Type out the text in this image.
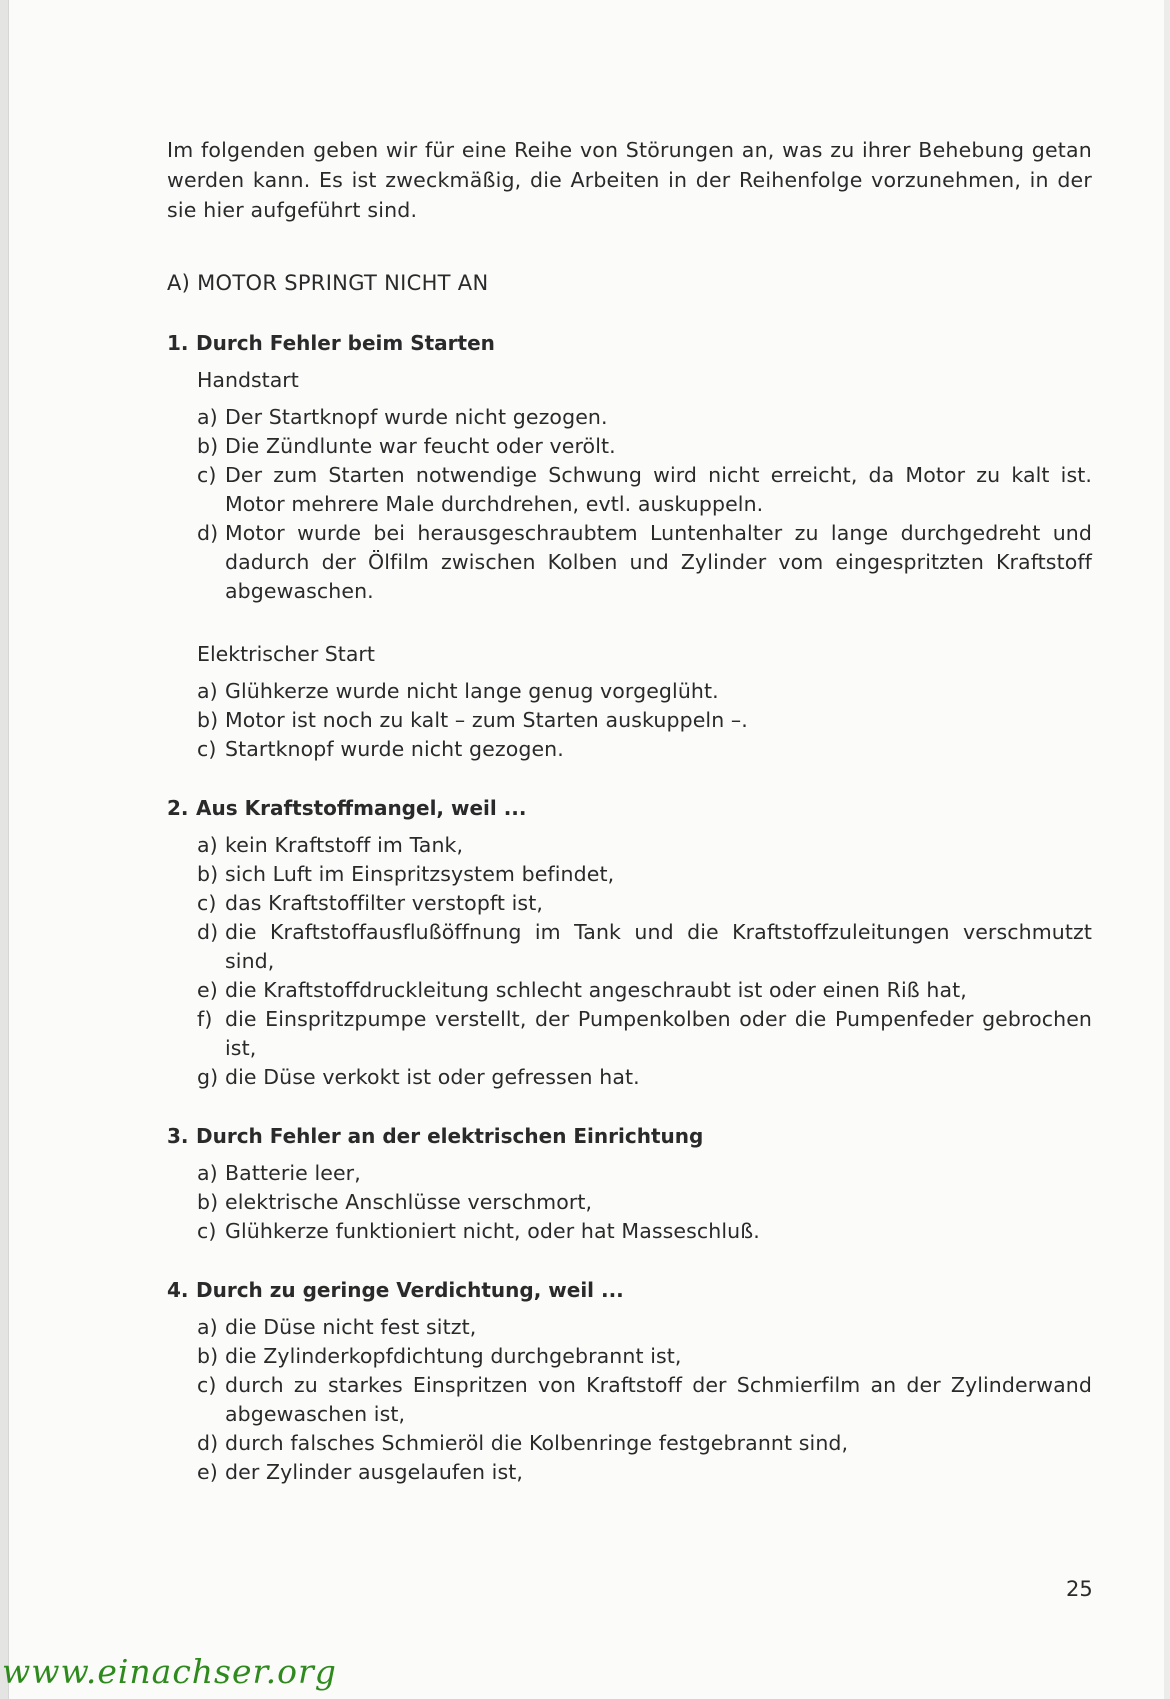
Im folgenden geben wir für eine Reihe von Störungen an, was zu ihrer Behebung getan werden kann. Es ist zweckmäßig, die Arbeiten in der Reihenfolge vorzunehmen, in der sie hier aufgeführt sind.

A) MOTOR SPRINGT NICHT AN
1. Durch Fehler beim Starten
Handstart
a) Der Startknopf wurde nicht gezogen.
b) Die Zündlunte war feucht oder verölt.
c) Der zum Starten notwendige Schwung wird nicht erreicht, da Motor zu kalt ist. Motor mehrere Male durchdrehen, evtl. auskuppeln.
d) Motor wurde bei herausgeschraubtem Luntenhalter zu lange durchgedreht und dadurch der Ölfilm zwischen Kolben und Zylinder vom eingespritzten Kraftstoff abgewaschen.
Elektrischer Start
a) Glühkerze wurde nicht lange genug vorgeglüht.
b) Motor ist noch zu kalt – zum Starten auskuppeln –.
c) Startknopf wurde nicht gezogen.
2. Aus Kraftstoffmangel, weil ...
a) kein Kraftstoff im Tank,
b) sich Luft im Einspritzsystem befindet,
c) das Kraftstoffilter verstopft ist,
d) die Kraftstoffausflußöffnung im Tank und die Kraftstoffzuleitungen verschmutzt sind,
e) die Kraftstoffdruckleitung schlecht angeschraubt ist oder einen Riß hat,
f) die Einspritzpumpe verstellt, der Pumpenkolben oder die Pumpenfeder gebrochen ist,
g) die Düse verkokt ist oder gefressen hat.
3. Durch Fehler an der elektrischen Einrichtung
a) Batterie leer,
b) elektrische Anschlüsse verschmort,
c) Glühkerze funktioniert nicht, oder hat Masseschluß.
4. Durch zu geringe Verdichtung, weil ...
a) die Düse nicht fest sitzt,
b) die Zylinderkopfdichtung durchgebrannt ist,
c) durch zu starkes Einspritzen von Kraftstoff der Schmierfilm an der Zylinderwand abgewaschen ist,
d) durch falsches Schmieröl die Kolbenringe festgebrannt sind,
e) der Zylinder ausgelaufen ist,
25
www.einachser.org
